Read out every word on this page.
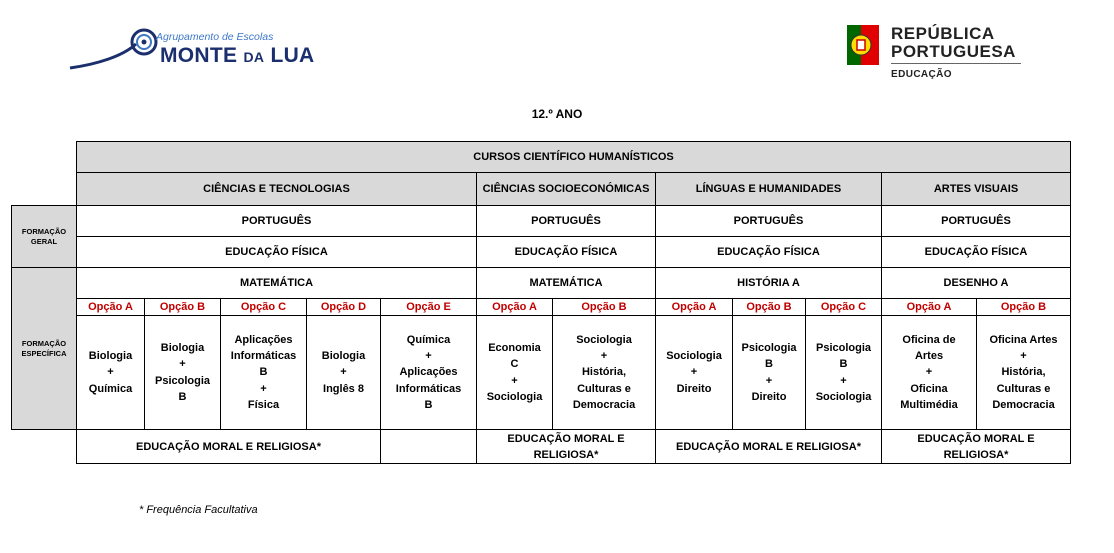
Agrupamento de Escolas
MONTE DA LUA
REPÚBLICA
PORTUGUESA
EDUCAÇÃO
12.º ANO
	CURSOS CIENTÍFICO HUMANÍSTICOS											
	CIÊNCIAS E TECNOLOGIAS					CIÊNCIAS SOCIOECONÓMICAS		LÍNGUAS E HUMANIDADES			ARTES VISUAIS	
FORMAÇÃO GERAL	PORTUGUÊS					PORTUGUÊS		PORTUGUÊS			PORTUGUÊS	
	EDUCAÇÃO FÍSICA					EDUCAÇÃO FÍSICA		EDUCAÇÃO FÍSICA			EDUCAÇÃO FÍSICA	
FORMAÇÃO ESPECÍFICA	MATEMÁTICA					MATEMÁTICA		HISTÓRIA A			DESENHO A	
	Opção A	Opção B	Opção C	Opção D	Opção E	Opção A	Opção B	Opção A	Opção B	Opção C	Opção A	Opção B
	Biologia
+
Química	Biologia
+
Psicologia
B	Aplicações
Informáticas
B
+
Física	Biologia
+
Inglês 8	Química
+
Aplicações
Informáticas
B	Economia
C
+
Sociologia	Sociologia
+
História,
Culturas e
Democracia	Sociologia
+
Direito	Psicologia
B
+
Direito	Psicologia
B
+
Sociologia	Oficina de
Artes
+
Oficina
Multimédia	Oficina Artes
+
História,
Culturas e
Democracia
	EDUCAÇÃO MORAL E RELIGIOSA*					EDUCAÇÃO MORAL E RELIGIOSA*		EDUCAÇÃO MORAL E RELIGIOSA*			EDUCAÇÃO MORAL E RELIGIOSA*	
* Frequência Facultativa
